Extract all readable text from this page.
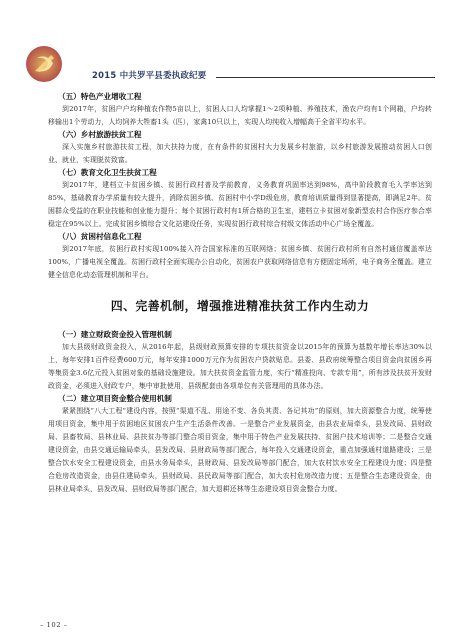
2015 中共罗平县委执政纪要
（五）特色产业增收工程

到2017年，贫困户户均种植农作物5亩以上，贫困人口人均掌握1～2项种植、养殖技术，渔农户均有1个网箱，户均转移输出1个劳动力，人均饲养大牲畜1头（匹），家禽10只以上，实现人均纯收入增幅高于全省平均水平。

（六）乡村旅游扶贫工程

深入实施乡村旅游扶贫工程，加大扶持力度，在有条件的贫困村大力发展乡村旅游，以乡村旅游发展推动贫困人口创业、就业，实现脱贫致富。

（七）教育文化卫生扶贫工程

到2017年，建档立卡贫困乡镇、贫困行政村普及学前教育，义务教育巩固率达到98%，高中阶段教育毛入学率达到85%，基础教育办学质量有较大提升，消除贫困乡镇、贫困村中小学D级危房，教育培训质量得到显著提高，即满足2年。贫困群众受益的在职业技能和创业能力提升；每个贫困行政村有1所合格的卫生室，建档立卡贫困对象新型农村合作医疗参合率稳定在95%以上。完成贫困乡镇综合文化站建设任务，实现贫困行政村综合村级文体活动中心广场全覆盖。

（八）贫困村信息化工程

到2017年底，贫困行政村实现100%接入符合国家标准的互联网络；贫困乡镇、贫困行政村所有自然村通信覆盖率达100%，广播电视全覆盖。贫困行政村全面实现办公自动化，贫困农户获取网络信息有方便固定场所，电子商务全覆盖。建立健全信息化动态管理机制和平台。

四、完善机制，增强推进精准扶贫工作内生动力
（一）建立财政资金投入管理机制

加大县级财政资金投入，从2016年起，县级财政预算安排的专项扶贫资金以2015年的预算为基数年增长率达30%以上，每年安排1百件经费600万元，每年安排1000万元作为贫困农户贷款贴息。县委、县政府统筹整合项目资金向贫困乡再等集资金3.6亿元投入贫困对象的基础设施建设。加大扶贫资金监管力度，实行“精准投向、专款专用”，所有涉及扶贫开发财政资金，必须进入财政专户，集中审批使用，县级配套由各项单位有关管理用的具体办法。

（二）建立项目资金整合使用机制

紧紧围绕“八大工程”建设内容，按照“渠道不乱、用途不变、各负其责、各记其功”的原则，加大资源整合力度，统筹使用项目资金，集中用于贫困地区贫困农户生产生活条件改善。一是整合产业发展资金，由县农业局牵头，县发改局、县财政局、县畜牧局、县林业局、县扶贫办等部门整合项目资金，集中用于特色产业发展扶持、贫困户技术培训等；二是整合交通建设资金，由县交通运输局牵头，县发改局、县财政局等部门配合，每年投入交通建设资金，重点加强通村道路建设；三是整合饮水安全工程建设资金，由县水务局牵头，县财政局、县发改局等部门配合，加大农村饮水安全工程建设力度；四是整合危房改造资金，由县住建局牵头，县财政局、县民政局等部门配合，加大农村危房改造力度；五是整合生态建设资金，由县林业局牵头，县发改局、县财政局等部门配合，加大退耕还林等生态建设项目资金整合力度。

– 102 –
